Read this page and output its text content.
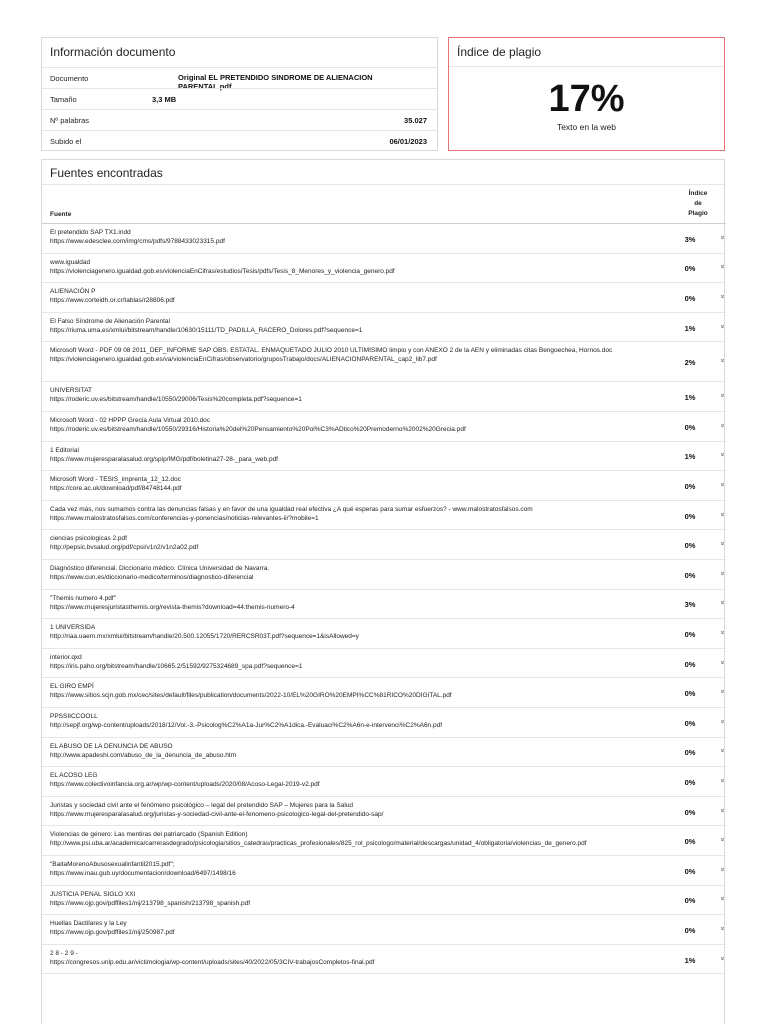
Información documento
Documento	Original EL PRETENDIDO SINDROME DE ALIENACION PARENTAL.pdf
Tamaño	3,3 MB
Nº palabras	35.027
Subido el	06/01/2023
Índice de plagio
17%
Texto en la web
Fuentes encontradas
Fuente
Índice
de
Plagio
El pretendido SAP TX1.indd
https://www.edesclee.com/img/cms/pdfs/9788433023315.pdf	3%	»
www.igualdad
https://violenciagenero.igualdad.gob.es/violenciaEnCifras/estudios/Tesis/pdfs/Tesis_8_Menores_y_violencia_genero.pdf	0%	»
ALIENACIÓN P
https://www.corteidh.or.cr/tablas/r28806.pdf	0%	»
El Falso Síndrome de Alienación Parental
https://riuma.uma.es/xmlui/bitstream/handle/10630/15111/TD_PADILLA_RACERO_Dolores.pdf?sequence=1	1%	»
Microsoft Word - PDF 09 08 2011_DEF_INFORME SAP OBS. ESTATAL. ENMAQUETADO JULIO 2010 ULTIMISIMO limpio y con ANEXO 2 de la AEN y eliminadas citas Bengoechea, Hornos.doc
https://violenciagenero.igualdad.gob.es/va/violenciaEnCifras/observatorio/gruposTrabajo/docs/ALIENACIONPARENTAL_cap2_lib7.pdf	2%	»
UNIVERSITAT
https://roderic.uv.es/bitstream/handle/10550/29006/Tesis%20completa.pdf?sequence=1	1%	»
Microsoft Word - 02 HPPP Grecia Aula Virtual 2010.doc
https://roderic.uv.es/bitstream/handle/10550/29316/Historia%20del%20Pensamiento%20Pol%C3%ADtico%20Premoderno%2002%20Grecia.pdf	0%	»
1 Editorial
https://www.mujeresparalasalud.org/spip/IMG/pdf/boletina27-28-_para_web.pdf	1%	»
Microsoft Word - TESIS_imprenta_12_12.doc
https://core.ac.uk/download/pdf/84748144.pdf	0%	»
Cada vez más, nos sumamos contra las denuncias falsas y en favor de una igualdad real efectiva ¿A qué esperas para sumar esfuerzos? - www.malostratosfalsos.com
https://www.malostratosfalsos.com/conferencias-y-ponencias/noticias-relevantes-ii/?mobile=1	0%	»
ciencias psicologicas 2.pdf
http://pepsic.bvsalud.org/pdf/cpsi/v1n2/v1n2a02.pdf	0%	»
Diagnóstico diferencial. Diccionario médico. Clínica Universidad de Navarra.
https://www.cun.es/diccionario-medico/terminos/diagnostico-diferencial	0%	»
"Themis numero 4.pdf"
https://www.mujeresjuristasthemis.org/revista-themis?download=44:themis-numero-4	3%	»
1 UNIVERSIDA
http://riaa.uaem.mx/xmlui/bitstream/handle/20.500.12055/1720/RERCSR03T.pdf?sequence=1&isAllowed=y	0%	»
interior.qxd
https://iris.paho.org/bitstream/handle/10665.2/51592/9275324689_spa.pdf?sequence=1	0%	»
EL GIRO EMPÍ
https://www.sitios.scjn.gob.mx/cec/sites/default/files/publication/documents/2022-10/EL%20GIRO%20EMPI%CC%81RICO%20DIGITAL.pdf	0%	»
PPSSIICCOOLL
http://sepjf.org/wp-content/uploads/2018/12/Vol.-3.-Psicolog%C2%A1a-Jur%C2%A1dica.-Evaluaci%C2%A6n-e-intervenci%C2%A6n.pdf	0%	»
EL ABUSO DE LA DENUNCIA DE ABUSO
http://www.apadeshi.com/abuso_de_la_denuncia_de_abuso.htm	0%	»
EL ACOSO LEG
https://www.colectivoinfancia.org.ar/wp/wp-content/uploads/2020/08/Acoso-Legal-2019-v2.pdf	0%	»
Juristas y sociedad civil ante el fenómeno psicológico – legal del pretendido SAP – Mujeres para la Salud
https://www.mujeresparalasalud.org/juristas-y-sociedad-civil-ante-el-fenomeno-psicologico-legal-del-pretendido-sap/	0%	»
Violencias de género: Las mentiras del patriarcado (Spanish Edition)
http://www.psi.uba.ar/academica/carrerasdegrado/psicologia/sitios_catedras/practicas_profesionales/825_rol_psicologo/material/descargas/unidad_4/obligatoria/violencias_de_genero.pdf	0%	»
"BaitaMorenoAbusosexualinfantil2015.pdf";
https://www.inau.gub.uy/documentacion/download/6497/1498/16	0%	»
JUSTICIA PENAL SIGLO XXI
https://www.ojp.gov/pdffiles1/nij/213798_spanish/213798_spanish.pdf	0%	»
Huellas Dactilares y la Ley
https://www.ojp.gov/pdffiles1/nij/250987.pdf	0%	»
2 8 - 2 9 -
https://congresos.unlp.edu.ar/victimologia/wp-content/uploads/sites/40/2022/05/3CIV-trabajosCompletos-final.pdf	1%	»
